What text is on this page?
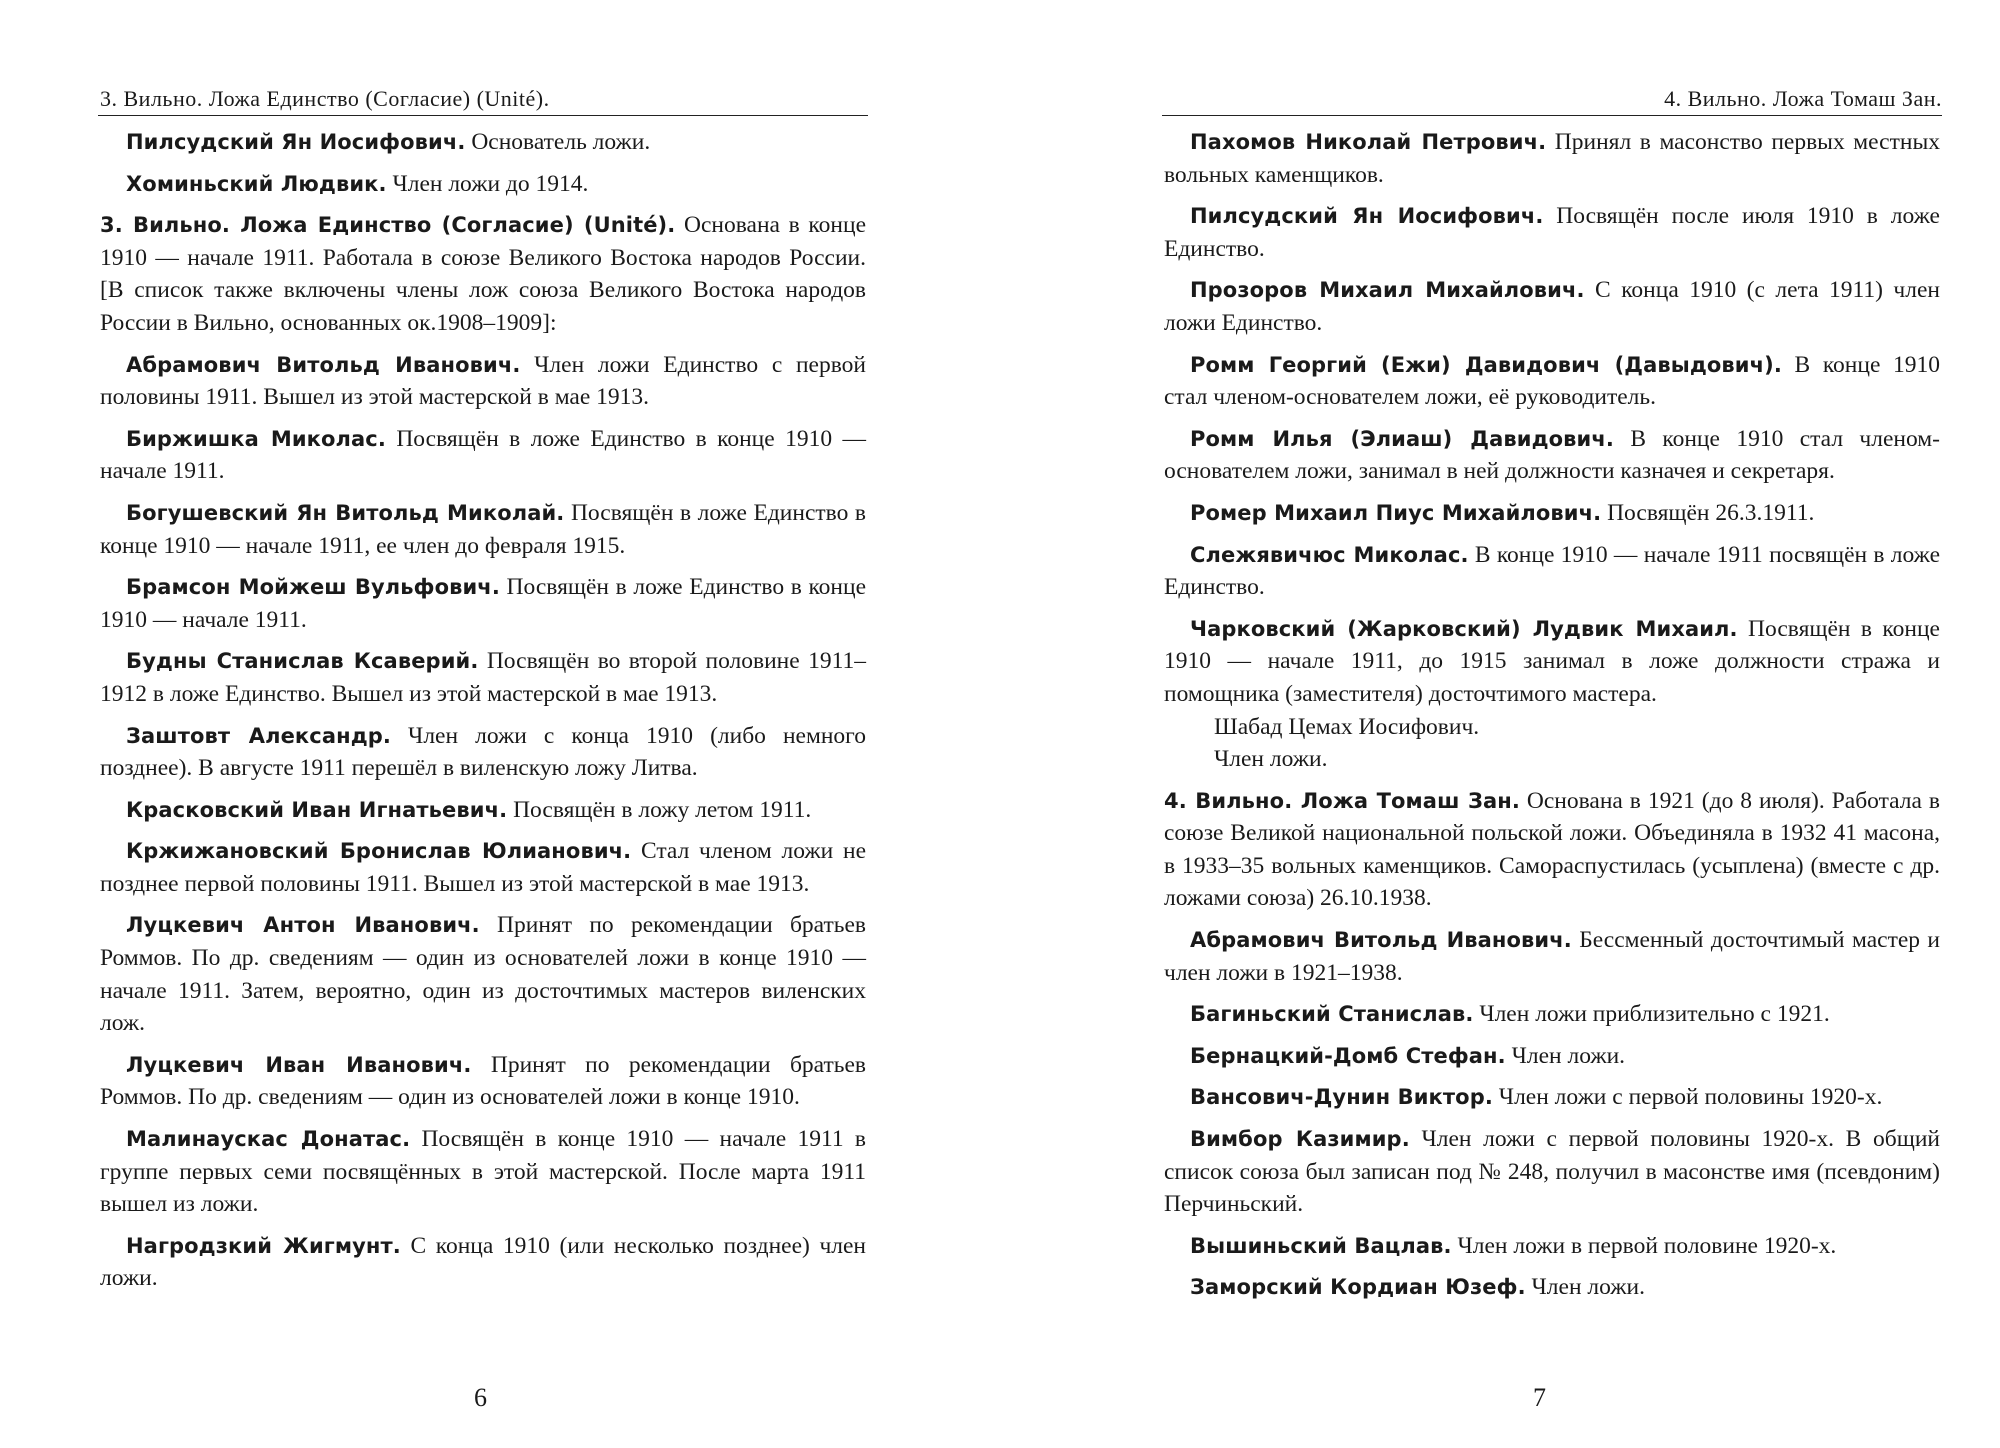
3. Вильно. Ложа Единство (Согласие) (Unité).

Пилсудский Ян Иосифович. Основатель ложи.

Хоминьский Людвик. Член ложи до 1914.

3. Вильно. Ложа Единство (Согласие) (Unité). Основана в конце 1910 — начале 1911. Работала в союзе Великого Востока народов России. [В список также включены члены лож союза Великого Востока народов России в Вильно, основанных ок.1908–1909]:

Абрамович Витольд Иванович. Член ложи Единство с первой половины 1911. Вышел из этой мастерской в мае 1913.

Биржишка Миколас. Посвящён в ложе Единство в конце 1910 — начале 1911.

Богушевский Ян Витольд Миколай. Посвящён в ложе Единство в конце 1910 — начале 1911, ее член до февраля 1915.

Брамсон Мойжеш Вульфович. Посвящён в ложе Единство в конце 1910 — начале 1911.

Будны Станислав Ксаверий. Посвящён во второй половине 1911–1912 в ложе Единство. Вышел из этой мастерской в мае 1913.

Заштовт Александр. Член ложи с конца 1910 (либо немного позднее). В августе 1911 перешёл в виленскую ложу Литва.

Красковский Иван Игнатьевич. Посвящён в ложу летом 1911.

Кржижановский Бронислав Юлианович. Стал членом ложи не позднее первой половины 1911. Вышел из этой мастерской в мае 1913.

Луцкевич Антон Иванович. Принят по рекомендации братьев Роммов. По др. сведениям — один из основателей ложи в конце 1910 — начале 1911. Затем, вероятно, один из досточтимых мастеров виленских лож.

Луцкевич Иван Иванович. Принят по рекомендации братьев Роммов. По др. сведениям — один из основателей ложи в конце 1910.

Малинаускас Донатас. Посвящён в конце 1910 — начале 1911 в группе первых семи посвящённых в этой мастерской. После марта 1911 вышел из ложи.

Нагродзкий Жигмунт. С конца 1910 (или несколько позднее) член ложи.

6
4. Вильно. Ложа Томаш Зан.

Пахомов Николай Петрович. Принял в масонство первых местных вольных каменщиков.

Пилсудский Ян Иосифович. Посвящён после июля 1910 в ложе Единство.

Прозоров Михаил Михайлович. С конца 1910 (с лета 1911) член ложи Единство.

Ромм Георгий (Ежи) Давидович (Давыдович). В конце 1910 стал членом-основателем ложи, её руководитель.

Ромм Илья (Элиаш) Давидович. В конце 1910 стал членом-основателем ложи, занимал в ней должности казначея и секретаря.

Ромер Михаил Пиус Михайлович. Посвящён 26.3.1911.

Слежявичюс Миколас. В конце 1910 — начале 1911 посвящён в ложе Единство.

Чарковский (Жарковский) Лудвик Михаил. Посвящён в конце 1910 — начале 1911, до 1915 занимал в ложе должности стража и помощника (заместителя) досточтимого мастера.

Шабад Цемах Иосифович.

Член ложи.

4. Вильно. Ложа Томаш Зан. Основана в 1921 (до 8 июля). Работала в союзе Великой национальной польской ложи. Объединяла в 1932 41 масона, в 1933–35 вольных каменщиков. Самораспустилась (усыплена) (вместе с др. ложами союза) 26.10.1938.

Абрамович Витольд Иванович. Бессменный досточтимый мастер и член ложи в 1921–1938.

Багиньский Станислав. Член ложи приблизительно с 1921.

Бернацкий-Домб Стефан. Член ложи.

Вансович-Дунин Виктор. Член ложи с первой половины 1920-х.

Вимбор Казимир. Член ложи с первой половины 1920-х. В общий список союза был записан под № 248, получил в масонстве имя (псевдоним) Перчиньский.

Вышиньский Вацлав. Член ложи в первой половине 1920-х.

Заморский Кордиан Юзеф. Член ложи.

7
